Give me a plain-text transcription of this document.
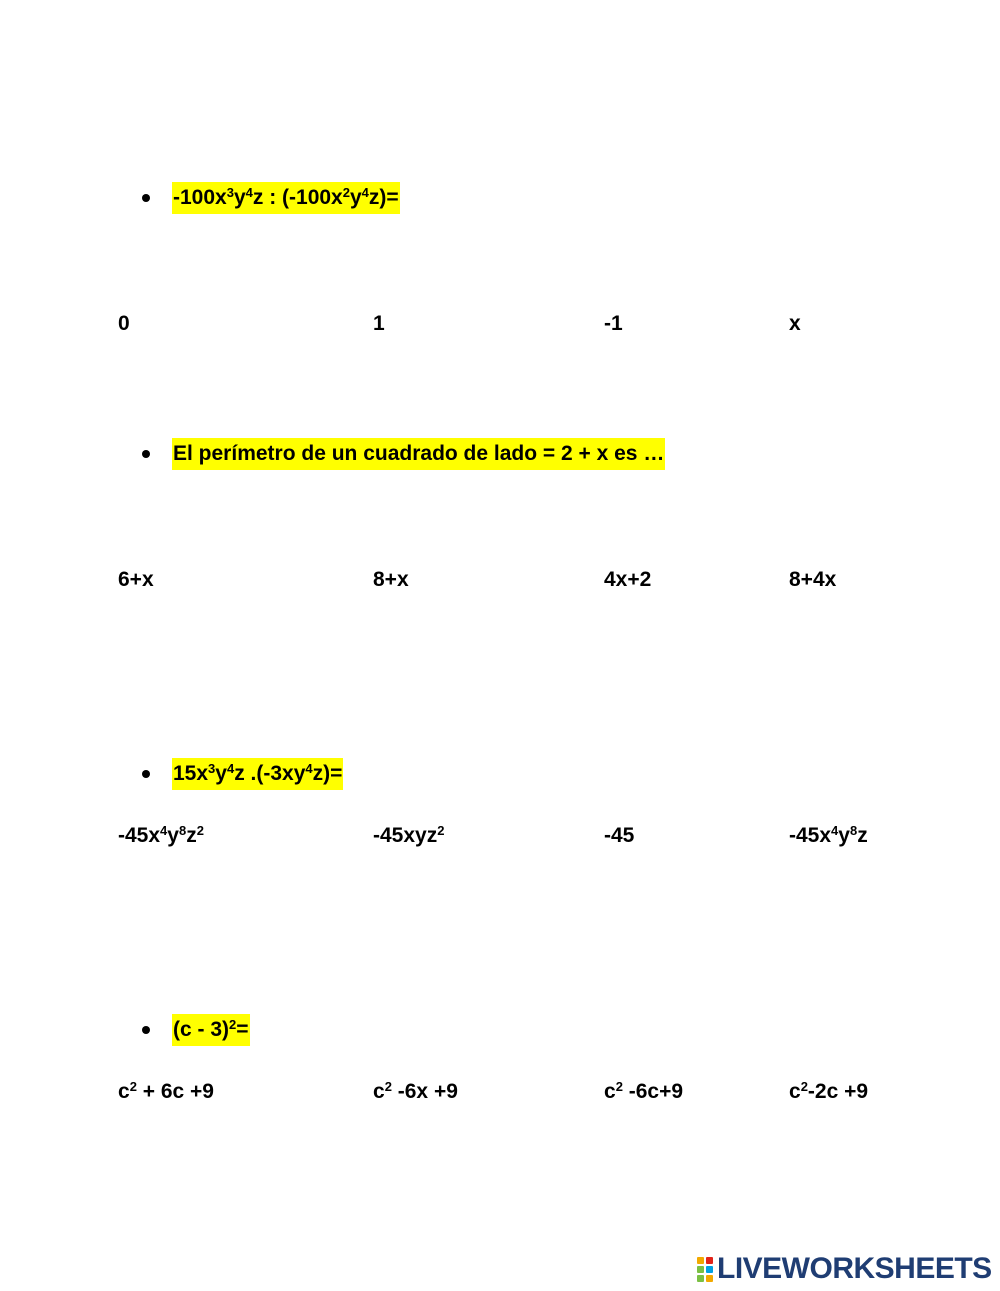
$-100x^3y^4z$ : $(-100x^2y^4z)=$
0	1	-1	x
El perímetro de un cuadrado de lado = 2 + x es …
6+x	8+x	4x+2	8+4x
$15x^3y^4z$ $.(-3xy^4z)=$
$-45x^4y^8z^2$	-45xyz$^2$	-45	$-45x^4y^8z$
(c - 3)$^2$=
$c^2 + 6c +9$	$c^2$ -6x +9	$c^2$ -6c+9	$c^2-2c +9$
LIVEWORKSHEETS
